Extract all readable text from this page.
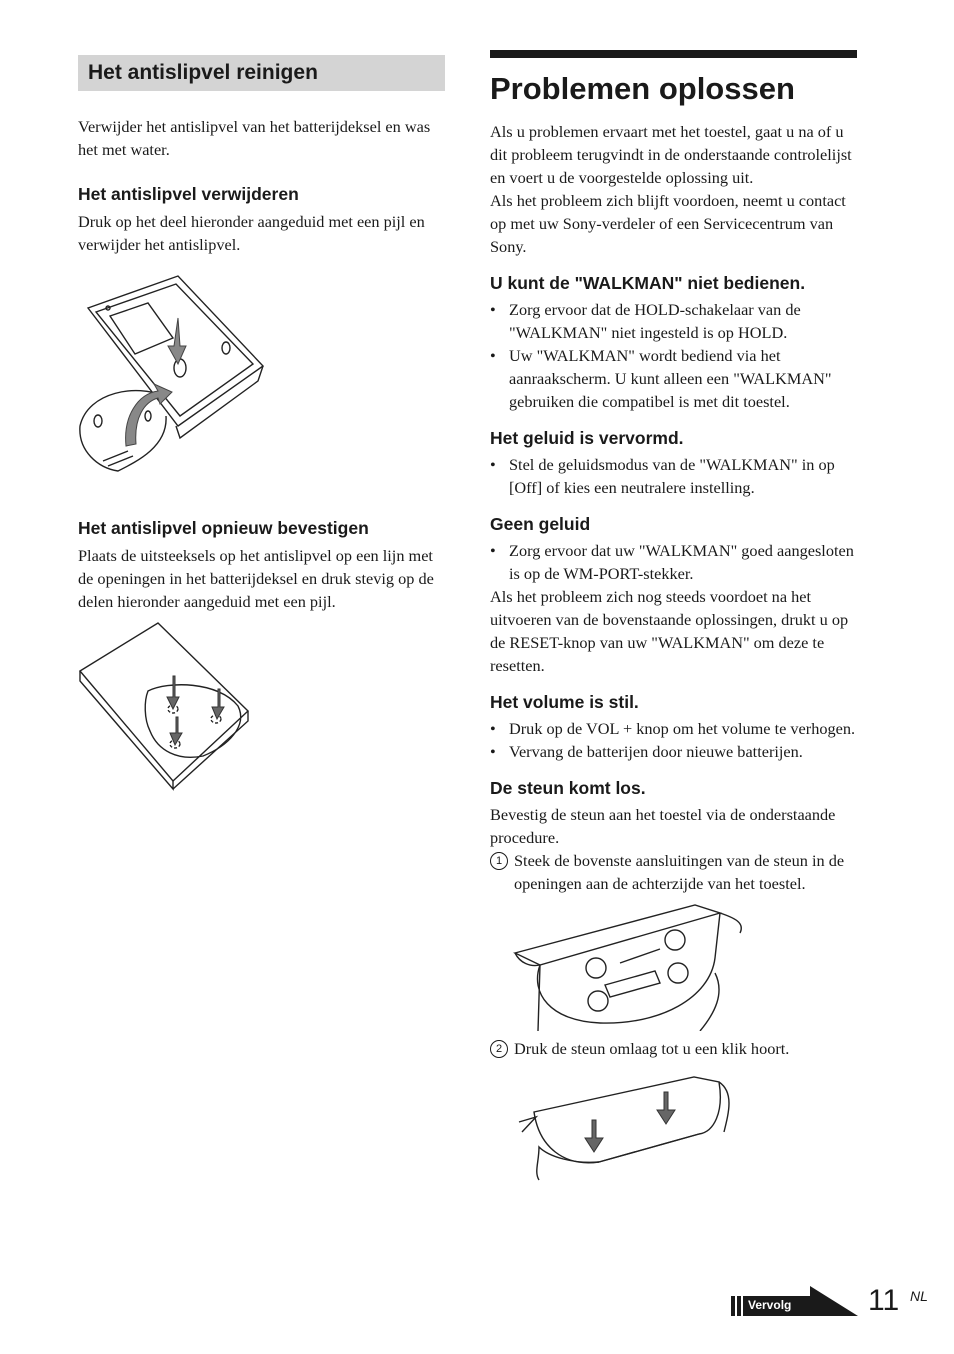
Het antislipvel reinigen

Verwijder het antislipvel van het batterijdeksel en was het met water.

Het antislipvel verwijderen

Druk op het deel hieronder aangeduid met een pijl en verwijder het antislipvel.

Het antislipvel opnieuw bevestigen

Plaats de uitsteeksels op het antislipvel op een lijn met de openingen in het batterijdeksel en druk stevig op de delen hieronder aangeduid met een pijl.

Problemen oplossen

Als u problemen ervaart met het toestel, gaat u na of u dit probleem terugvindt in de onderstaande controlelijst en voert u de voorgestelde oplossing uit.

Als het probleem zich blijft voordoen, neemt u contact op met uw Sony-verdeler of een Servicecentrum van Sony.

U kunt de "WALKMAN" niet bedienen.

• Zorg ervoor dat de HOLD-schakelaar van de "WALKMAN" niet ingesteld is op HOLD.
• Uw "WALKMAN" wordt bediend via het aanraakscherm. U kunt alleen een "WALKMAN" gebruiken die compatibel is met dit toestel.

Het geluid is vervormd.

• Stel de geluidsmodus van de "WALKMAN" in op [Off] of kies een neutralere instelling.

Geen geluid

• Zorg ervoor dat uw "WALKMAN" goed aangesloten is op de WM-PORT-stekker.

Als het probleem zich nog steeds voordoet na het uitvoeren van de bovenstaande oplossingen, drukt u op de RESET-knop van uw "WALKMAN" om deze te resetten.

Het volume is stil.

• Druk op de VOL + knop om het volume te verhogen.
• Vervang de batterijen door nieuwe batterijen.

De steun komt los.

Bevestig de steun aan het toestel via de onderstaande procedure.

1 Steek de bovenste aansluitingen van de steun in de openingen aan de achterzijde van het toestel.
2 Druk de steun omlaag tot u een klik hoort.
Vervolg	11 NL
